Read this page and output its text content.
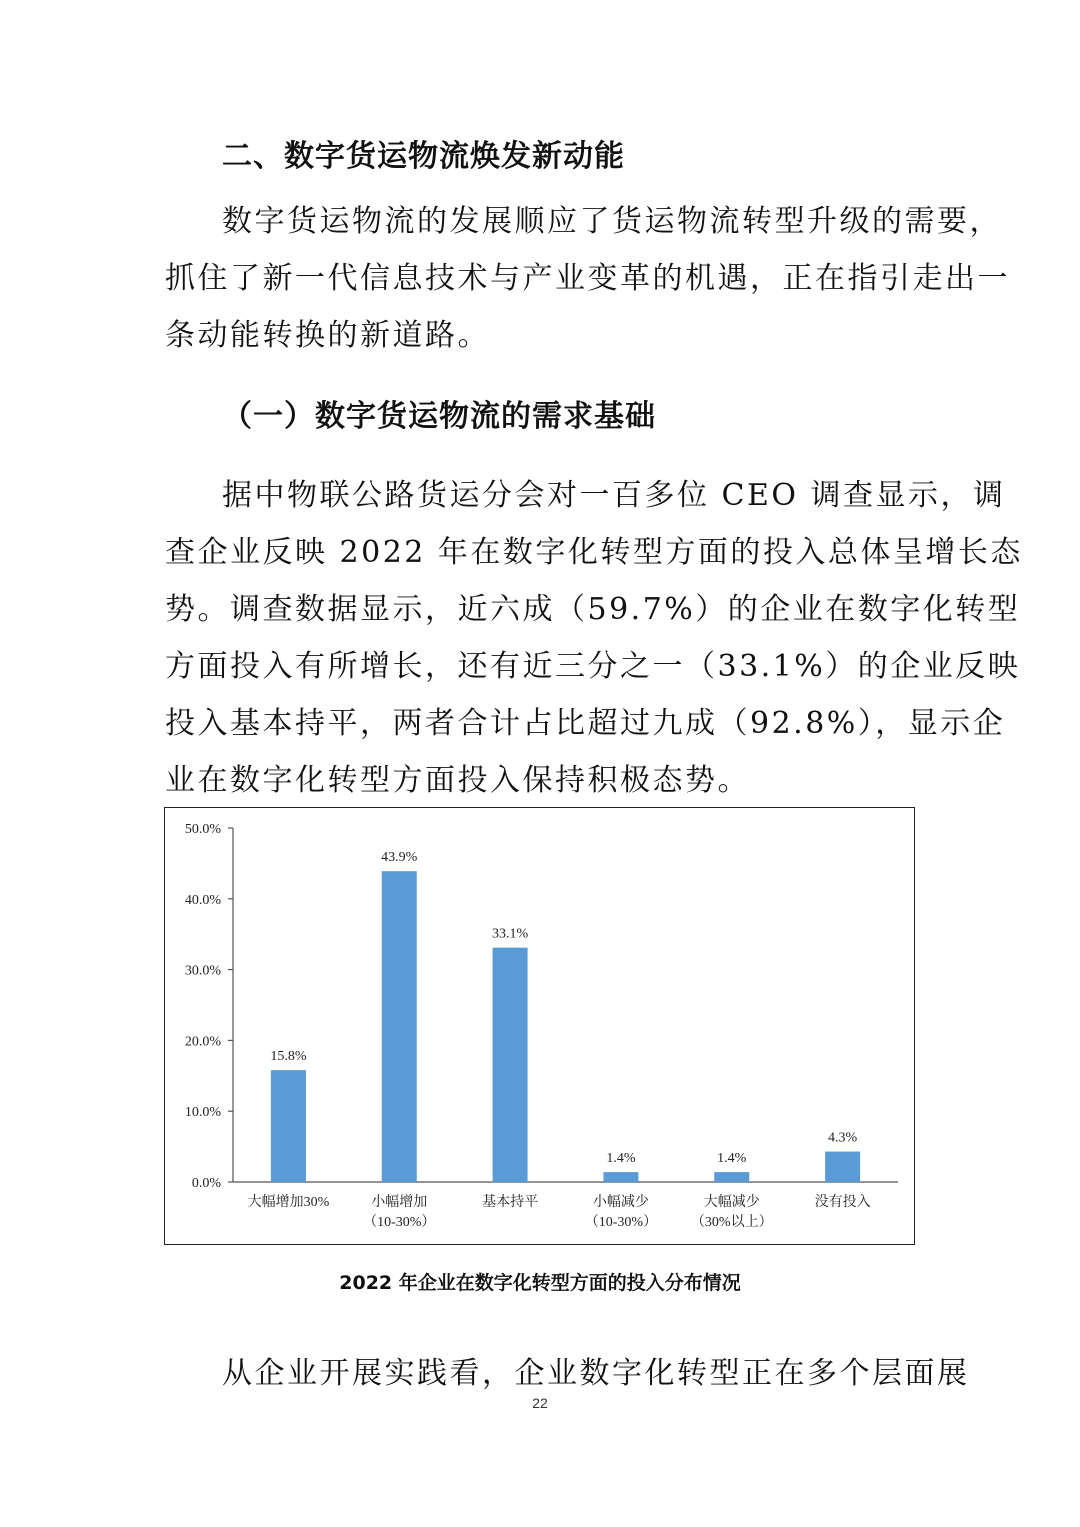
二、数字货运物流焕发新动能
数字货运物流的发展顺应了货运物流转型升级的需要，
抓住了新一代信息技术与产业变革的机遇，正在指引走出一
条动能转换的新道路。
（一）数字货运物流的需求基础
据中物联公路货运分会对一百多位 CEO 调查显示，调
查企业反映 2022 年在数字化转型方面的投入总体呈增长态
势。调查数据显示，近六成（59.7%）的企业在数字化转型
方面投入有所增长，还有近三分之一（33.1%）的企业反映
投入基本持平，两者合计占比超过九成（92.8%），显示企
业在数字化转型方面投入保持积极态势。
0.0%
10.0%
20.0%
30.0%
40.0%
50.0%
15.8%
大幅增加30%
43.9%
小幅增加
（10-30%）
33.1%
基本持平
1.4%
小幅减少
（10-30%）
1.4%
大幅减少
（30%以上）
4.3%
没有投入
2022 年企业在数字化转型方面的投入分布情况
从企业开展实践看，企业数字化转型正在多个层面展
22
